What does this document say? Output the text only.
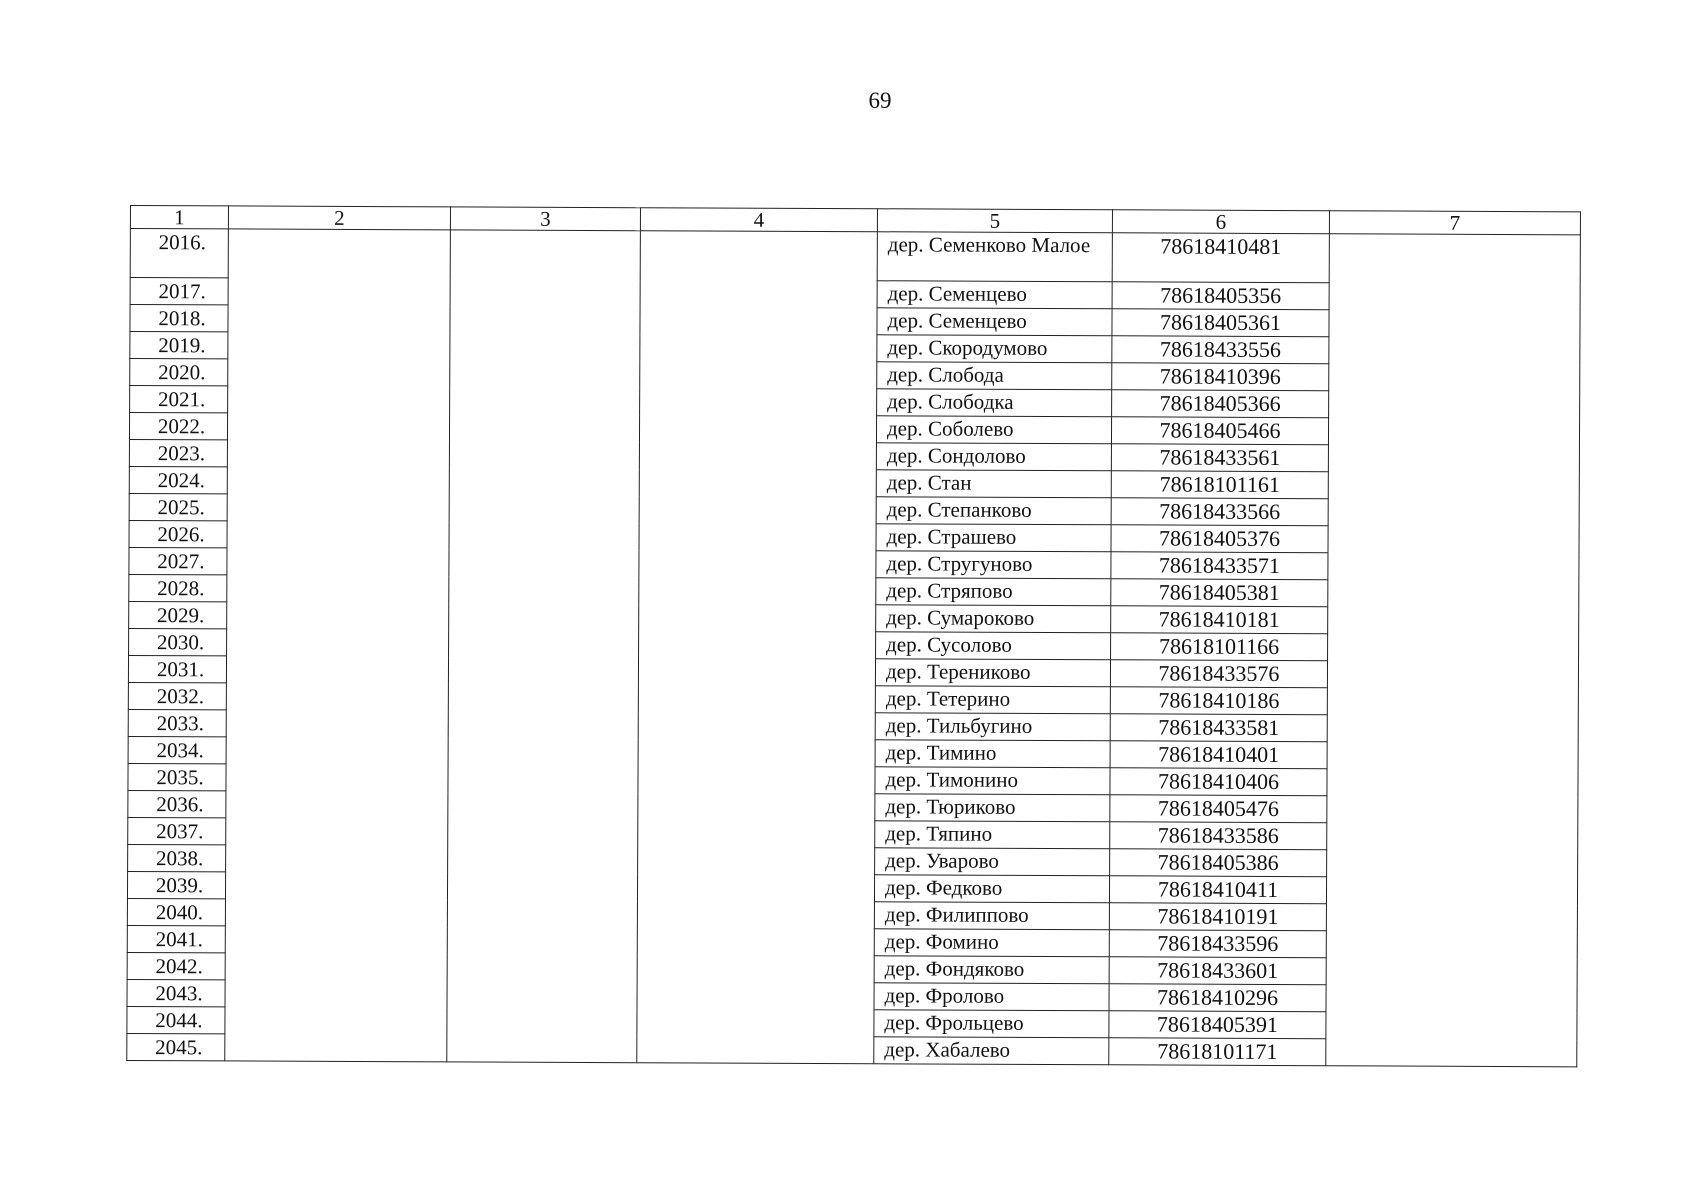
69
1	2	3	4	5	6	7
2016.				дер. Семенково Малое	78618410481	
2017.				дер. Семенцево	78618405356	
2018.				дер. Семенцево	78618405361	
2019.				дер. Скородумово	78618433556	
2020.				дер. Слобода	78618410396	
2021.				дер. Слободка	78618405366	
2022.				дер. Соболево	78618405466	
2023.				дер. Сондолово	78618433561	
2024.				дер. Стан	78618101161	
2025.				дер. Степанково	78618433566	
2026.				дер. Страшево	78618405376	
2027.				дер. Стругуново	78618433571	
2028.				дер. Стряпово	78618405381	
2029.				дер. Сумароково	78618410181	
2030.				дер. Сусолово	78618101166	
2031.				дер. Терениково	78618433576	
2032.				дер. Тетерино	78618410186	
2033.				дер. Тильбугино	78618433581	
2034.				дер. Тимино	78618410401	
2035.				дер. Тимонино	78618410406	
2036.				дер. Тюриково	78618405476	
2037.				дер. Тяпино	78618433586	
2038.				дер. Уварово	78618405386	
2039.				дер. Федково	78618410411	
2040.				дер. Филиппово	78618410191	
2041.				дер. Фомино	78618433596	
2042.				дер. Фондяково	78618433601	
2043.				дер. Фролово	78618410296	
2044.				дер. Фрольцево	78618405391	
2045.				дер. Хабалево	78618101171	
